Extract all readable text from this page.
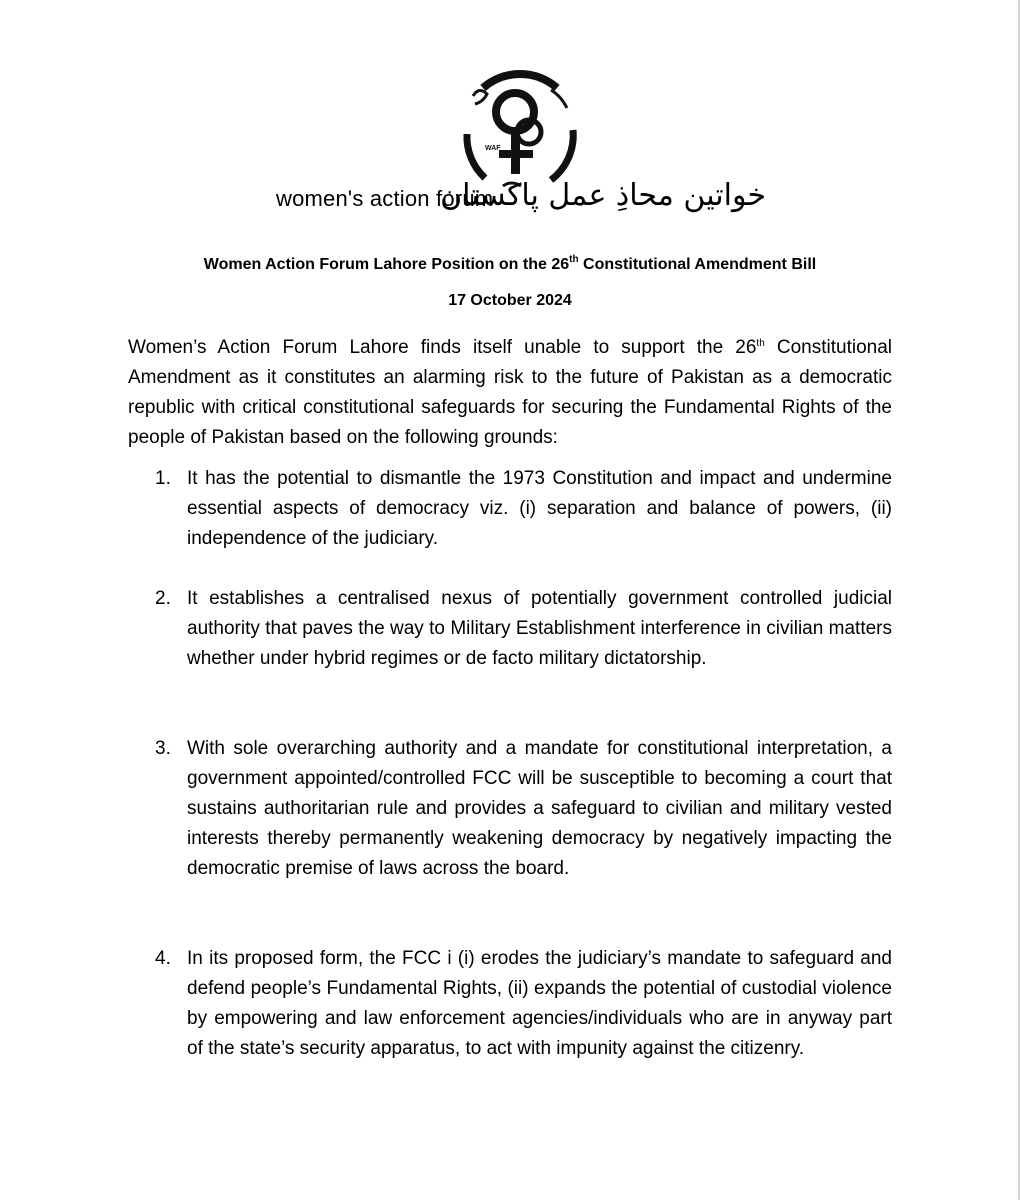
WAF
women's action forum
خواتین محاذِ عمل پاکستان
Women Action Forum Lahore Position on the 26th Constitutional Amendment Bill
17 October 2024

Women’s Action Forum Lahore finds itself unable to support the 26th Constitutional Amendment as it constitutes an alarming risk to the future of Pakistan as a democratic republic with critical constitutional safeguards for securing the Fundamental Rights of the people of Pakistan based on the following grounds:

1. It has the potential to dismantle the 1973 Constitution and impact and undermine essential aspects of democracy viz. (i) separation and balance of powers, (ii) independence of the judiciary.
2. It establishes a centralised nexus of potentially government controlled judicial authority that paves the way to Military Establishment interference in civilian matters whether under hybrid regimes or de facto military dictatorship.
3. With sole overarching authority and a mandate for constitutional interpretation, a government appointed/controlled FCC will be susceptible to becoming a court that sustains authoritarian rule and provides a safeguard to civilian and military vested interests thereby permanently weakening democracy by negatively impacting the democratic premise of laws across the board.
4. In its proposed form, the FCC i (i) erodes the judiciary’s mandate to safeguard and defend people’s Fundamental Rights, (ii) expands the potential of custodial violence by empowering and law enforcement agencies/individuals who are in anyway part of the state’s security apparatus, to act with impunity against the citizenry.
